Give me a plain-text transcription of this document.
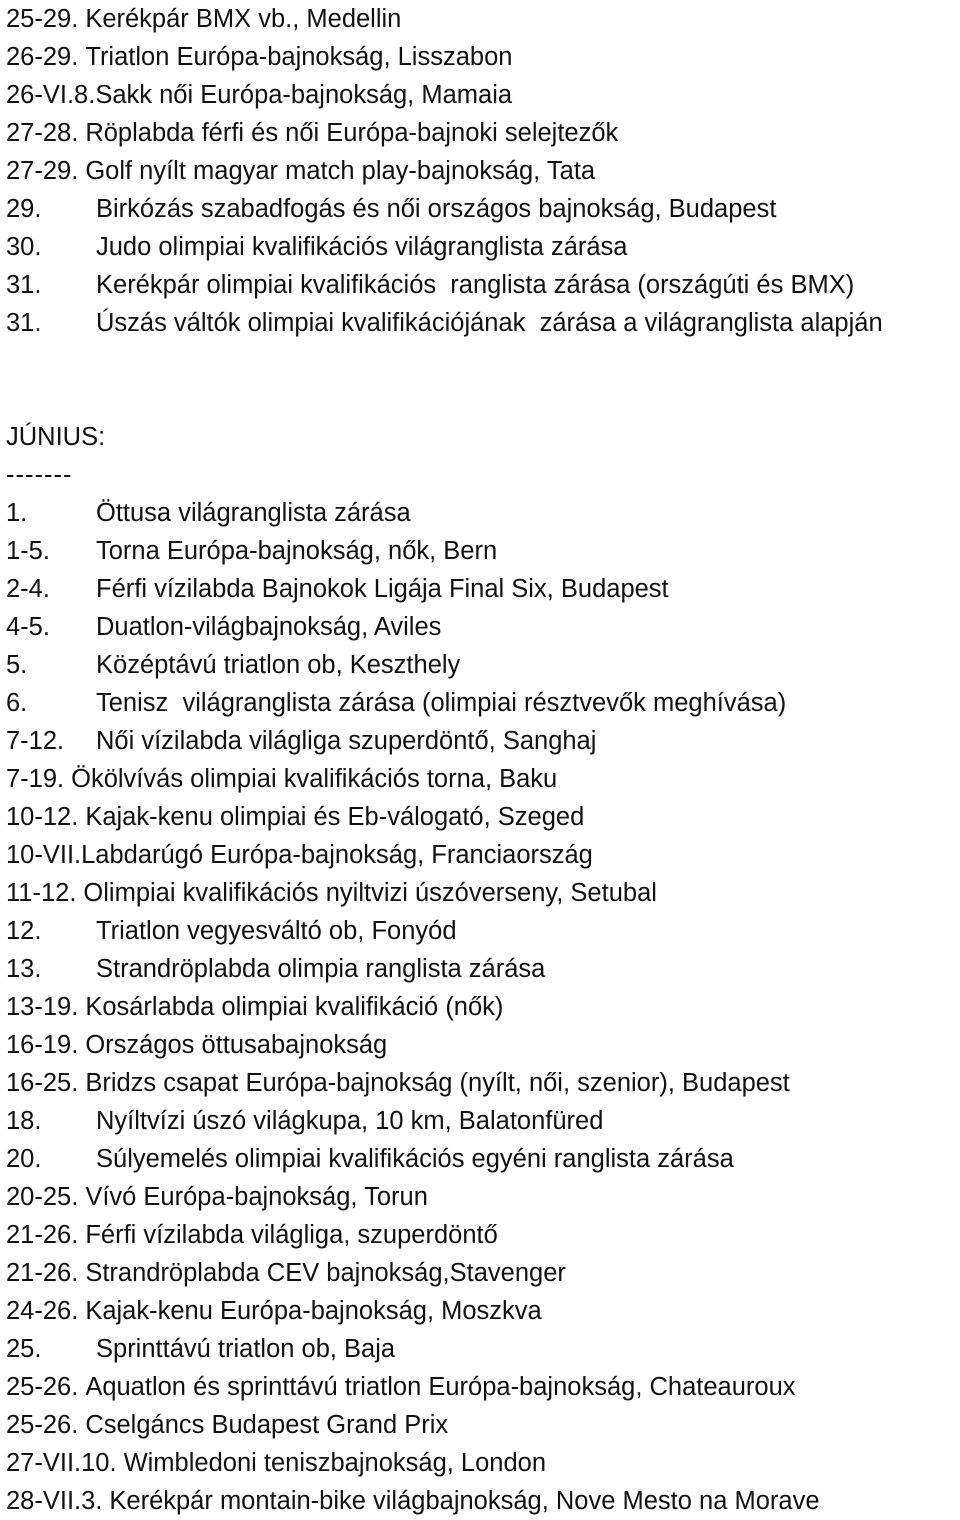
25-29. Kerékpár BMX vb., Medellin
26-29. Triatlon Európa-bajnokság, Lisszabon
26-VI.8. Sakk női Európa-bajnokság, Mamaia
27-28. Röplabda férfi és női Európa-bajnoki selejtezők
27-29. Golf nyílt magyar match play-bajnokság, Tata
29.	Birkózás szabadfogás és női országos bajnokság, Budapest
30.	Judo olimpiai kvalifikációs világranglista zárása
31.	Kerékpár olimpiai kvalifikációs  ranglista zárása (országúti és BMX)
31.	Úszás váltók olimpiai kvalifikációjának  zárása a világranglista alapján
JÚNIUS:
-------
1.	Öttusa világranglista zárása
1-5.	Torna Európa-bajnokság, nők, Bern
2-4.	Férfi vízilabda Bajnokok Ligája Final Six, Budapest
4-5.	Duatlon-világbajnokság, Aviles
5.	Középtávú triatlon ob, Keszthely
6.	Tenisz  világranglista zárása (olimpiai résztvevők meghívása)
7-12.	Női vízilabda világliga szuperdöntő, Sanghaj
7-19. Ökölvívás olimpiai kvalifikációs torna, Baku
10-12. Kajak-kenu olimpiai és Eb-válogató, Szeged
10-VII. Labdarúgó Európa-bajnokság, Franciaország
11-12. Olimpiai kvalifikációs nyiltvizi úszóverseny, Setubal
12.	Triatlon vegyesváltó ob, Fonyód
13.	Strandröplabda olimpia ranglista zárása
13-19. Kosárlabda olimpiai kvalifikáció (nők)
16-19. Országos öttusabajnokság
16-25. Bridzs csapat Európa-bajnokság (nyílt, női, szenior), Budapest
18.	Nyíltvízi úszó világkupa, 10 km, Balatonfüred
20.	Súlyemelés olimpiai kvalifikációs egyéni ranglista zárása
20-25. Vívó Európa-bajnokság, Torun
21-26. Férfi vízilabda világliga, szuperdöntő
21-26. Strandröplabda CEV bajnokság,Stavenger
24-26. Kajak-kenu Európa-bajnokság, Moszkva
25.	Sprinttávú triatlon ob, Baja
25-26. Aquatlon és sprinttávú triatlon Európa-bajnokság, Chateauroux
25-26. Cselgáncs Budapest Grand Prix
27-VII.10. Wimbledoni teniszbajnokság, London
28-VII.3. Kerékpár montain-bike világbajnokság, Nove Mesto na Morave
